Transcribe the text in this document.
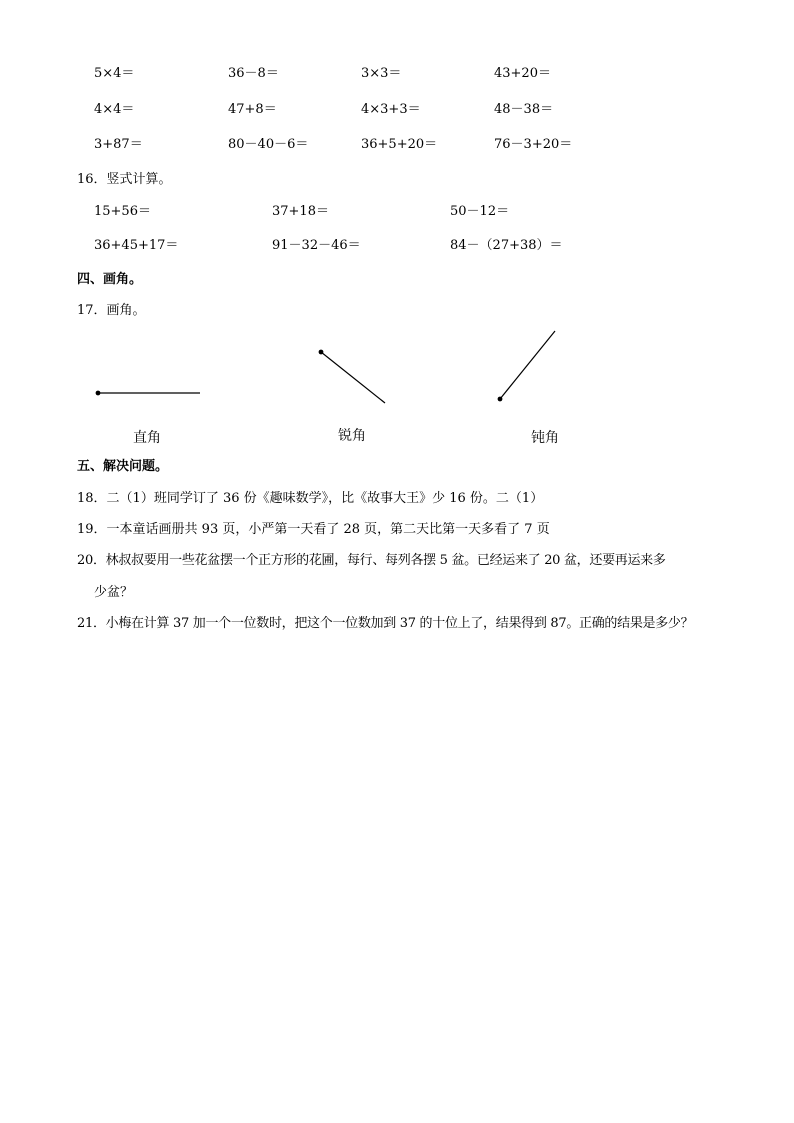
5×4＝	36－8＝	3×3＝	43+20＝
4×4＝	47+8＝	4×3+3＝	48－38＝
3+87＝	80－40－6＝	36+5+20＝	76－3+20＝
16．竖式计算。
15+56＝	37+18＝	50－12＝
36+45+17＝	91－32－46＝	84－（27+38）＝
四、画角。
17．画角。
直角	锐角	钝角
五、解决问题。
18．二（1）班同学订了 36 份《趣味数学》，比《故事大王》少 16 份。二（1）
19．一本童话画册共 93 页，小严第一天看了 28 页，第二天比第一天多看了 7 页
20．林叔叔要用一些花盆摆一个正方形的花圃，每行、每列各摆 5 盆。已经运来了 20 盆，还要再运来多
少盆？
21．小梅在计算 37 加一个一位数时，把这个一位数加到 37 的十位上了，结果得到 87。正确的结果是多少？
